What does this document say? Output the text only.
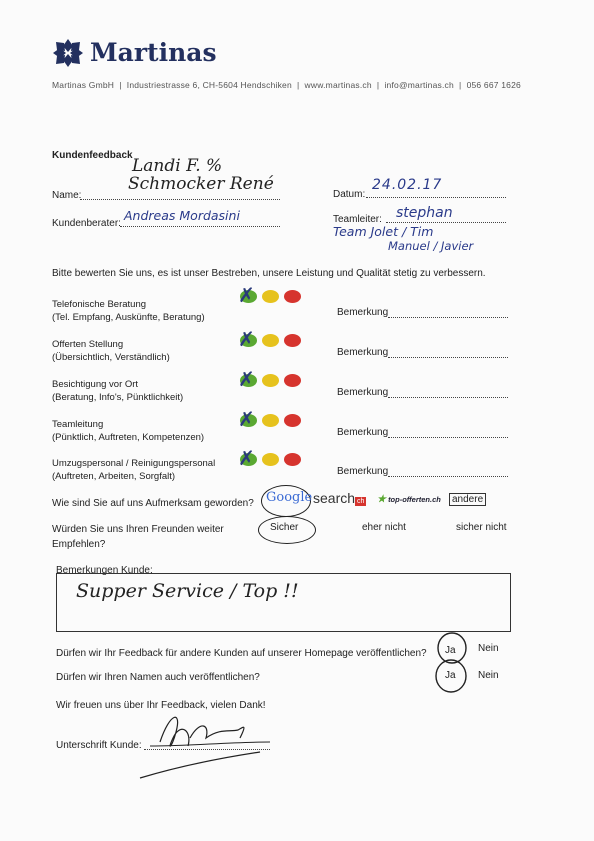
Martinas
Martinas GmbH  |  Industriestrasse 6, CH-5604 Hendschiken  |  www.martinas.ch  |  info@martinas.ch  |  056 667 1626
Kundenfeedback
Landi F. %
Name:
Schmocker René
Datum:
24.02.17
Kundenberater:
Andreas Mordasini	Teamleiter: stephan
Team Jolet / Tim
Manuel / Javier
Bitte bewerten Sie uns, es ist unser Bestreben, unsere Leistung und Qualität stetig zu verbessern.
Telefonische Beratung
(Tel. Empfang, Auskünfte, Beratung)
✗
Bemerkung
Offerten Stellung
(Übersichtlich, Verständlich)
✗
Bemerkung
Besichtigung vor Ort
(Beratung, Info's, Pünktlichkeit)
✗
Bemerkung
Teamleitung
(Pünktlich, Auftreten, Kompetenzen)
✗
Bemerkung
Umzugspersonal / Reinigungspersonal
(Auftreten, Arbeiten, Sorgfalt)
✗
Bemerkung
Wie sind Sie auf uns Aufmerksam geworden? Google search ch ★ top-offerten.ch	andere
Würden Sie uns Ihren Freunden weiter
Empfehlen?
Sicher	eher nicht	sicher nicht
Bemerkungen Kunde:
Supper Service / Top !!
Dürfen wir Ihr Feedback für andere Kunden auf unserer Homepage veröffentlichen? Ja Nein
Dürfen wir Ihren Namen auch veröffentlichen?	Ja Nein
Wir freuen uns über Ihr Feedback, vielen Dank!
Unterschrift Kunde:
